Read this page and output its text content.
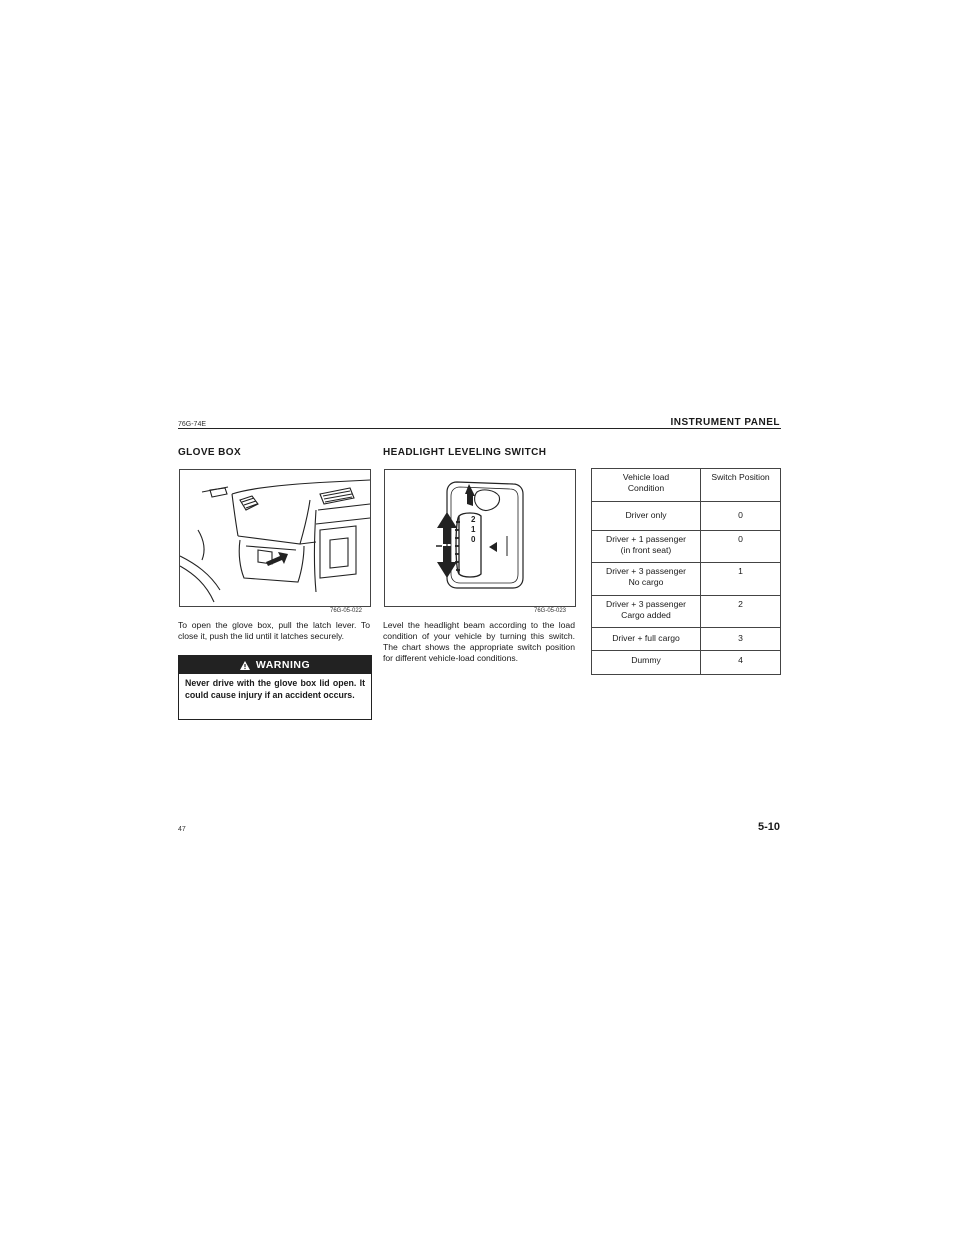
76G-74E	INSTRUMENT PANEL
GLOVE BOX	HEADLIGHT LEVELING SWITCH
76G-05-022
2
1
0
76G-05-023
To open the glove box, pull the latch lever. To close it, push the lid until it latches securely.
Level the headlight beam according to the load condition of your vehicle by turning this switch. The chart shows the appropriate switch position for different vehicle-load conditions.
WARNING
Never drive with the glove box lid open. It could cause injury if an accident occurs.
Vehicle load
Condition	Switch Position
Driver only	0
Driver + 1 passenger
(in front seat)	0
Driver + 3 passenger
No cargo	1
Driver + 3 passenger
Cargo added	2
Driver + full cargo	3
Dummy	4
47	5-10
